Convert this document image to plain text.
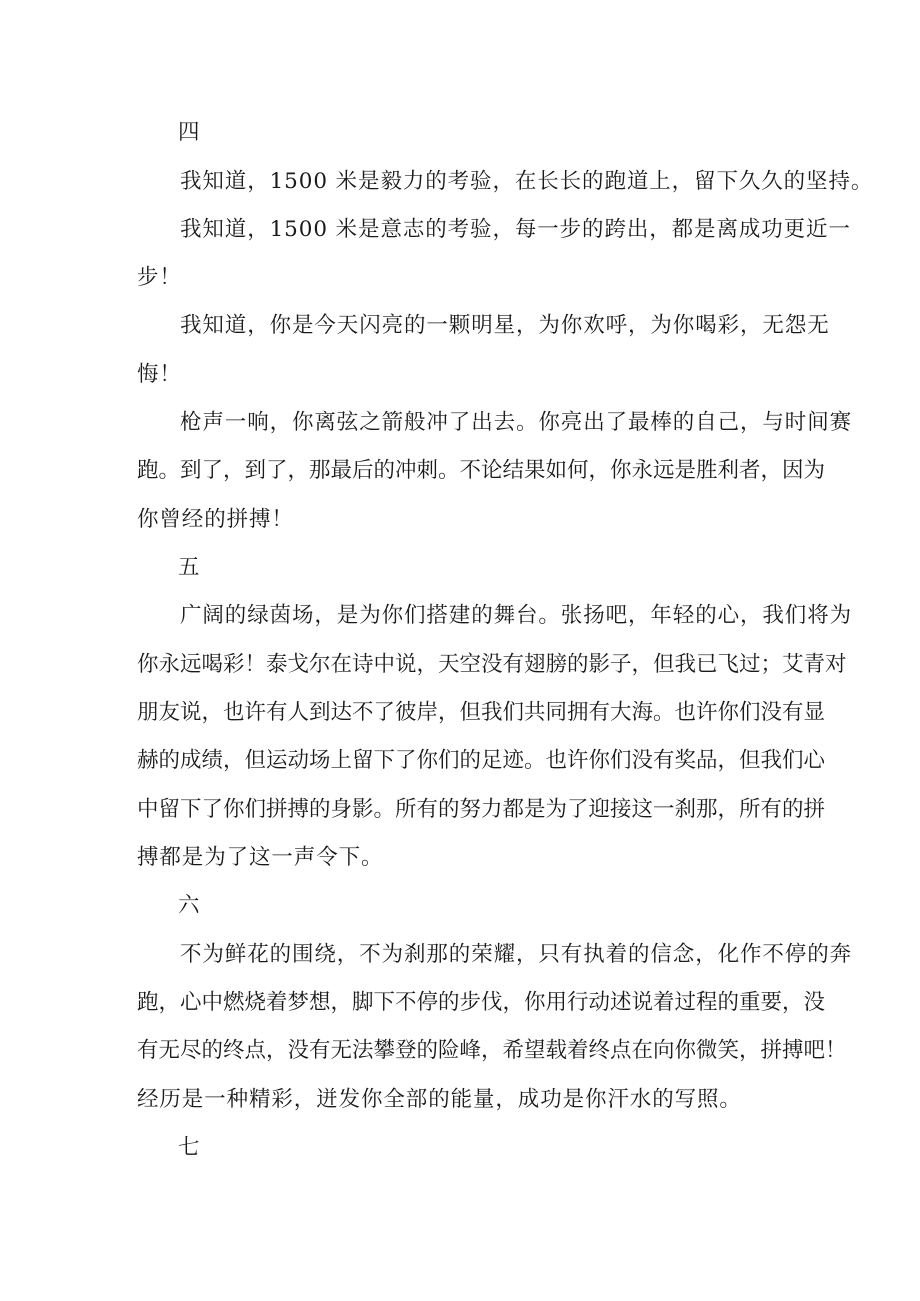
四
我知道，1500 米是毅力的考验，在长长的跑道上，留下久久的坚持。
我知道，1500 米是意志的考验，每一步的跨出，都是离成功更近一
步！
我知道，你是今天闪亮的一颗明星，为你欢呼，为你喝彩，无怨无
悔！
枪声一响，你离弦之箭般冲了出去。你亮出了最棒的自己，与时间赛
跑。到了，到了，那最后的冲刺。不论结果如何，你永远是胜利者，因为
你曾经的拼搏！
五
广阔的绿茵场，是为你们搭建的舞台。张扬吧，年轻的心，我们将为
你永远喝彩！泰戈尔在诗中说，天空没有翅膀的影子，但我已飞过；艾青对
朋友说，也许有人到达不了彼岸，但我们共同拥有大海。也许你们没有显
赫的成绩，但运动场上留下了你们的足迹。也许你们没有奖品，但我们心
中留下了你们拼搏的身影。所有的努力都是为了迎接这一刹那，所有的拼
搏都是为了这一声令下。
六
不为鲜花的围绕，不为刹那的荣耀，只有执着的信念，化作不停的奔
跑，心中燃烧着梦想，脚下不停的步伐，你用行动述说着过程的重要，没
有无尽的终点，没有无法攀登的险峰，希望载着终点在向你微笑，拼搏吧！
经历是一种精彩，迸发你全部的能量，成功是你汗水的写照。
七
